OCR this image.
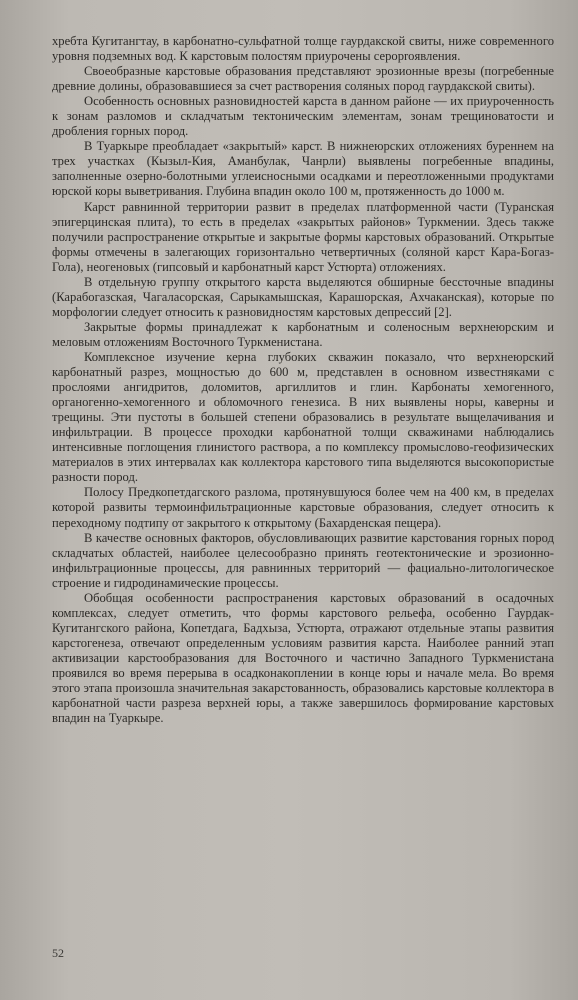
хребта Кугитангтау, в карбонатно-сульфатной толще гаурдакской свиты, ниже современного уровня подземных вод. К карстовым полостям приурочены сероproявления.

Своеобразные карстовые образования представляют эрозионные врезы (погребенные древние долины, образовавшиеся за счет растворения соляных пород гаурдакской свиты).

Особенность основных разновидностей карста в данном районе — их приуроченность к зонам разломов и складчатым тектоническим элементам, зонам трещиноватости и дробления горных пород.

В Туаркыре преобладает «закрытый» карст. В нижнеюрских отложениях буреннем на трех участках (Кызыл-Кия, Аманбулак, Чанрли) выявлены погребенные впадины, заполненные озерно-болотными углеисносными осадками и переотложенными продуктами юрской коры выветривания. Глубина впадин около 100 м, протяженность до 1000 м.

Карст равнинной территории развит в пределах платформенной части (Туранская эпигерцинская плита), то есть в пределах «закрытых районов» Туркмении. Здесь также получили распространение открытые и закрытые формы карстовых образований. Открытые формы отмечены в залегающих горизонтально четвертичных (соляной карст Кара-Богаз-Гола), неогеновых (гипсовый и карбонатный карст Устюрта) отложениях.

В отдельную группу открытого карста выделяются обширные бессточные впадины (Карабогазская, Чагаласорская, Сарыкамышская, Карашорская, Ахчаканская), которые по морфологии следует относить к разновидностям карстовых депрессий [2].

Закрытые формы принадлежат к карбонатным и соленосным верхнеюрским и меловым отложениям Восточного Туркменистана.

Комплексное изучение керна глубоких скважин показало, что верхнеюрский карбонатный разрез, мощностью до 600 м, представлен в основном известняками с прослоями ангидритов, доломитов, аргиллитов и глин. Карбонаты хемогенного, органогенно-хемогенного и обломочного генезиса. В них выявлены норы, каверны и трещины. Эти пустоты в большей степени образовались в результате выщелачивания и инфильтрации. В процессе проходки карбонатной толщи скважинами наблюдались интенсивные поглощения глинистого раствора, а по комплексу промыслово-геофизических материалов в этих интервалах как коллектора карстового типа выделяются высокопористые разности пород.

Полосу Предкопетдагского разлома, протянувшуюся более чем на 400 км, в пределах которой развиты термоинфильтрационные карстовые образования, следует относить к переходному подтипу от закрытого к открытому (Бахарденская пещера).

В качестве основных факторов, обусловливающих развитие карстования горных пород складчатых областей, наиболее целесообразно принять геотектонические и эрозионно-инфильтрационные процессы, для равнинных территорий — фациально-литологическое строение и гидродинамические процессы.

Обобщая особенности распространения карстовых образований в осадочных комплексах, следует отметить, что формы карстового рельефа, особенно Гаурдак-Кугитангского района, Копетдага, Бадхыза, Устюрта, отражают отдельные этапы развития карстогенеза, отвечают определенным условиям развития карста. Наиболее ранний этап активизации карстообразования для Восточного и частично Западного Туркменистана проявился во время перерыва в осадконакоплении в конце юры и начале мела. Во время этого этапа произошла значительная закарстованность, образовались карстовые коллектора в карбонатной части разреза верхней юры, а также завершилось формирование карстовых впадин на Туаркыре.

52
